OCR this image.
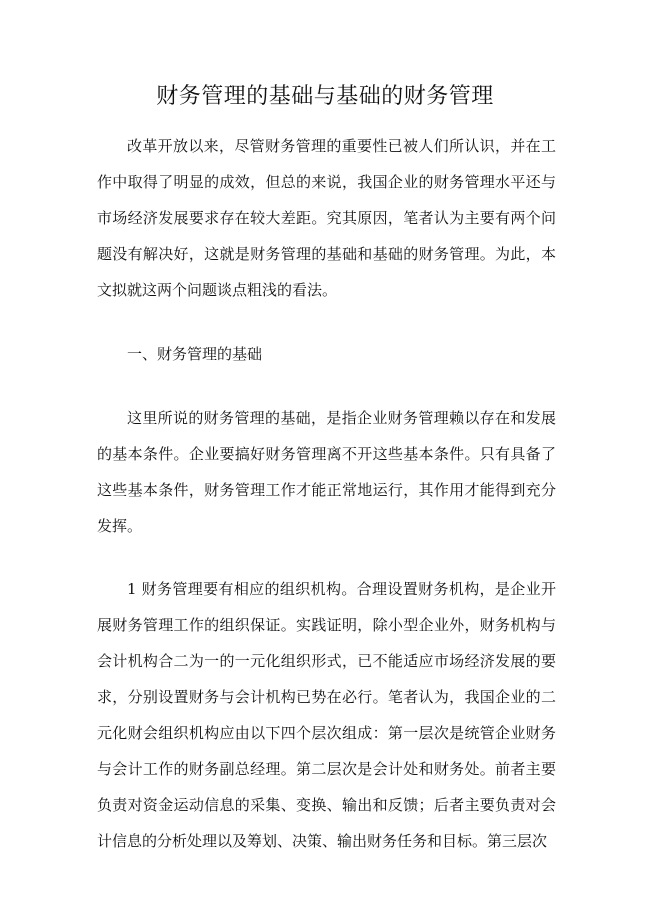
财务管理的基础与基础的财务管理

改革开放以来，尽管财务管理的重要性已被人们所认识，并在工作中取得了明显的成效，但总的来说，我国企业的财务管理水平还与市场经济发展要求存在较大差距。究其原因，笔者认为主要有两个问题没有解决好，这就是财务管理的基础和基础的财务管理。为此，本文拟就这两个问题谈点粗浅的看法。

一、财务管理的基础

这里所说的财务管理的基础，是指企业财务管理赖以存在和发展的基本条件。企业要搞好财务管理离不开这些基本条件。只有具备了这些基本条件，财务管理工作才能正常地运行，其作用才能得到充分发挥。

1 财务管理要有相应的组织机构。合理设置财务机构，是企业开展财务管理工作的组织保证。实践证明，除小型企业外，财务机构与会计机构合二为一的一元化组织形式，已不能适应市场经济发展的要求，分别设置财务与会计机构已势在必行。笔者认为，我国企业的二元化财会组织机构应由以下四个层次组成：第一层次是统管企业财务与会计工作的财务副总经理。第二层次是会计处和财务处。前者主要负责对资金运动信息的采集、变换、输出和反馈；后者主要负责对会计信息的分析处理以及筹划、决策、输出财务任务和目标。第三层次
